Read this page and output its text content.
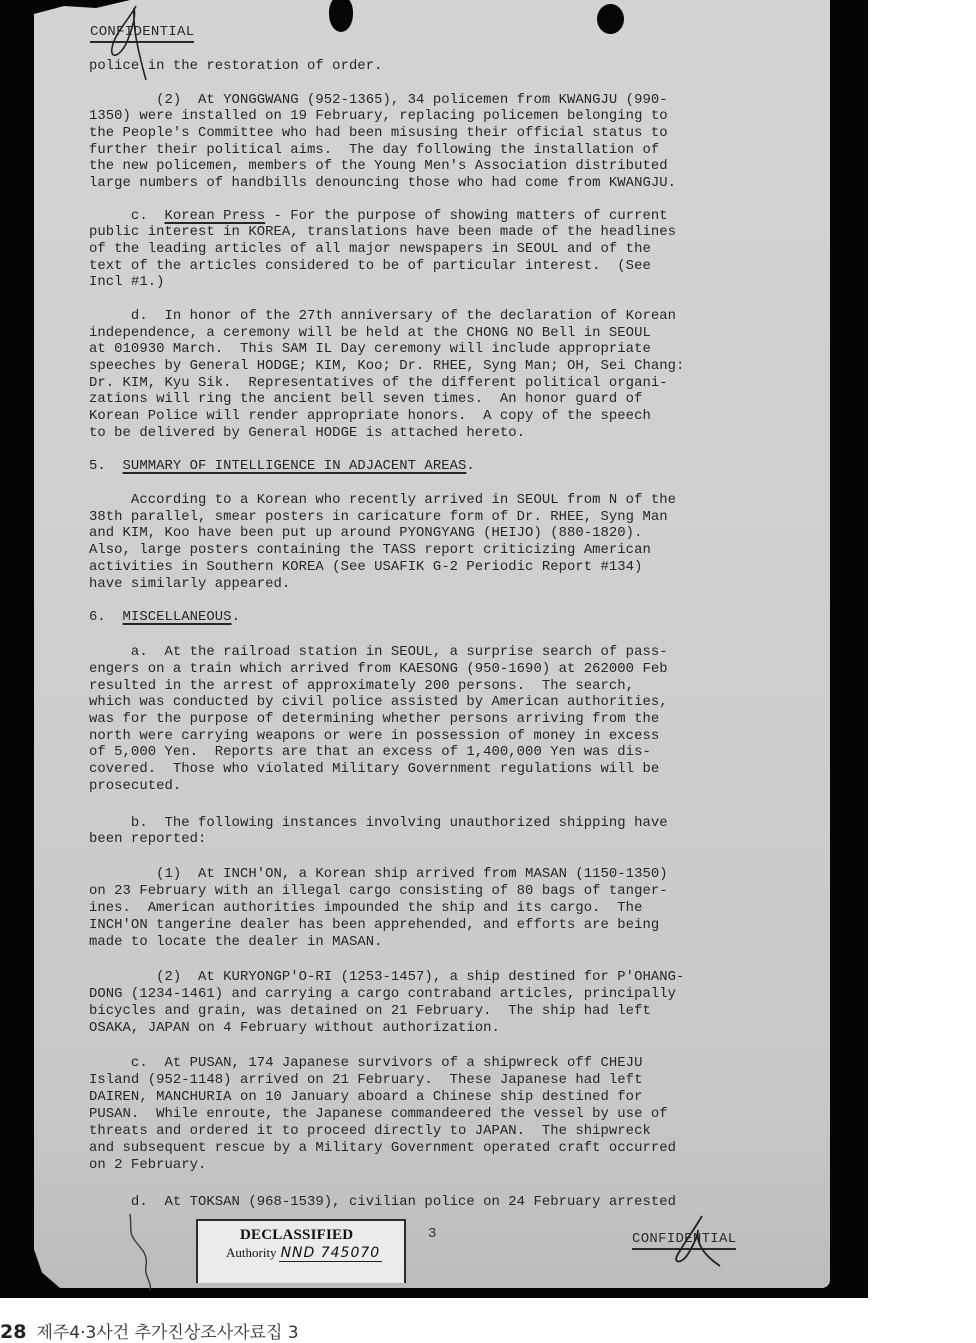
CONFIDENTIAL
police in the restoration of order.
(2)  At YONGGWANG (952-1365), 34 policemen from KWANGJU (990-
1350) were installed on 19 February, replacing policemen belonging to
the People's Committee who had been misusing their official status to
further their political aims.  The day following the installation of
the new policemen, members of the Young Men's Association distributed
large numbers of handbills denouncing those who had come from KWANGJU.
c.  Korean Press - For the purpose of showing matters of current
public interest in KOREA, translations have been made of the headlines
of the leading articles of all major newspapers in SEOUL and of the
text of the articles considered to be of particular interest.  (See
Incl #1.)
d.  In honor of the 27th anniversary of the declaration of Korean
independence, a ceremony will be held at the CHONG NO Bell in SEOUL
at 010930 March.  This SAM IL Day ceremony will include appropriate
speeches by General HODGE; KIM, Koo; Dr. RHEE, Syng Man; OH, Sei Chang:
Dr. KIM, Kyu Sik.  Representatives of the different political organi-
zations will ring the ancient bell seven times.  An honor guard of
Korean Police will render appropriate honors.  A copy of the speech
to be delivered by General HODGE is attached hereto.
5.  SUMMARY OF INTELLIGENCE IN ADJACENT AREAS.
According to a Korean who recently arrived in SEOUL from N of the
38th parallel, smear posters in caricature form of Dr. RHEE, Syng Man
and KIM, Koo have been put up around PYONGYANG (HEIJO) (880-1820).
Also, large posters containing the TASS report criticizing American
activities in Southern KOREA (See USAFIK G-2 Periodic Report #134)
have similarly appeared.
6.  MISCELLANEOUS.
a.  At the railroad station in SEOUL, a surprise search of pass-
engers on a train which arrived from KAESONG (950-1690) at 262000 Feb
resulted in the arrest of approximately 200 persons.  The search,
which was conducted by civil police assisted by American authorities,
was for the purpose of determining whether persons arriving from the
north were carrying weapons or were in possession of money in excess
of 5,000 Yen.  Reports are that an excess of 1,400,000 Yen was dis-
covered.  Those who violated Military Government regulations will be
prosecuted.
b.  The following instances involving unauthorized shipping have
been reported:
(1)  At INCH'ON, a Korean ship arrived from MASAN (1150-1350)
on 23 February with an illegal cargo consisting of 80 bags of tanger-
ines.  American authorities impounded the ship and its cargo.  The
INCH'ON tangerine dealer has been apprehended, and efforts are being
made to locate the dealer in MASAN.
(2)  At KURYONGP'O-RI (1253-1457), a ship destined for P'OHANG-
DONG (1234-1461) and carrying a cargo contraband articles, principally
bicycles and grain, was detained on 21 February.  The ship had left
OSAKA, JAPAN on 4 February without authorization.
c.  At PUSAN, 174 Japanese survivors of a shipwreck off CHEJU
Island (952-1148) arrived on 21 February.  These Japanese had left
DAIREN, MANCHURIA on 10 January aboard a Chinese ship destined for
PUSAN.  While enroute, the Japanese commandeered the vessel by use of
threats and ordered it to proceed directly to JAPAN.  The shipwreck
and subsequent rescue by a Military Government operated craft occurred
on 2 February.
d.  At TOKSAN (968-1539), civilian police on 24 February arrested
DECLASSIFIED
Authority NND 745070
3	CONFIDENTIAL
28 제주4·3사건 추가진상조사자료집 3
